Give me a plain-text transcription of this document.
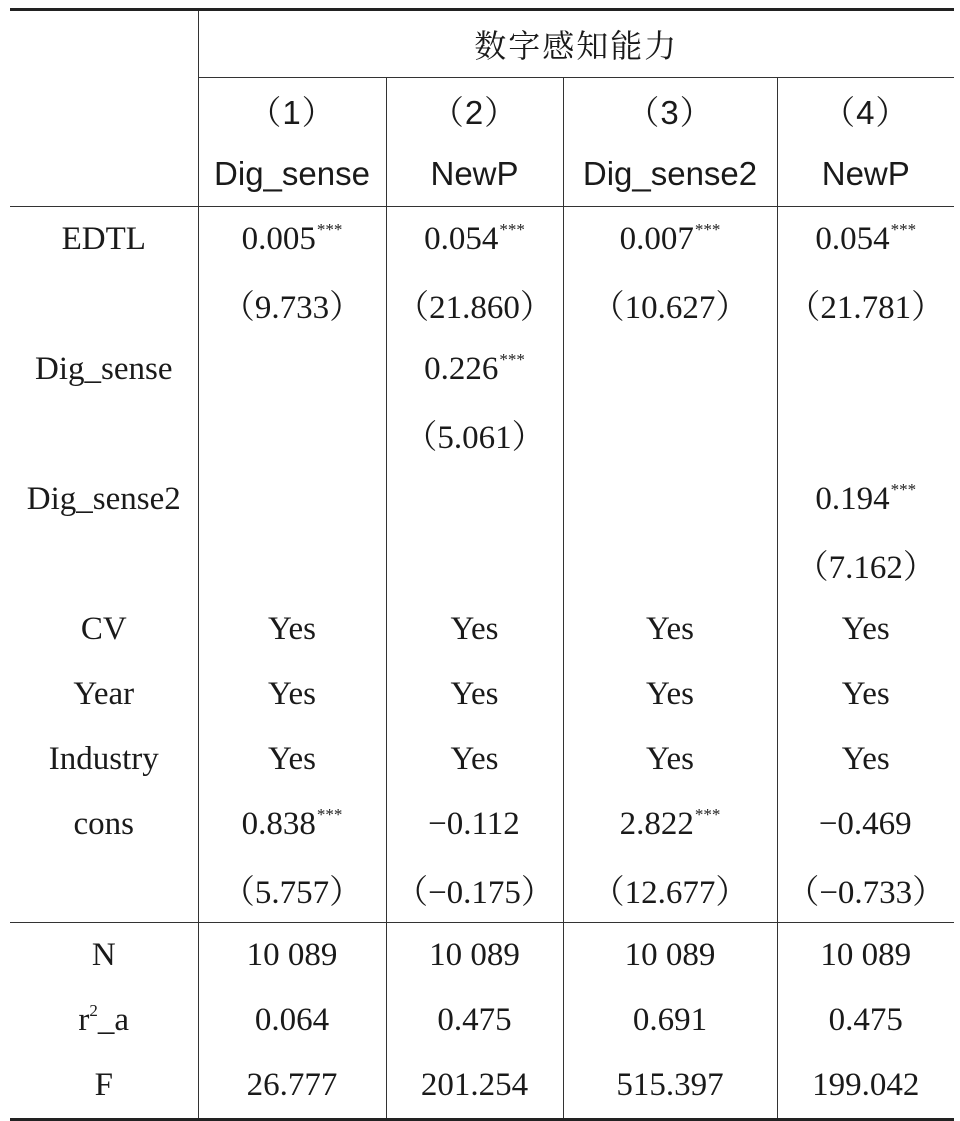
	数字感知能力			
	（1）	（2）	（3）	（4）
	Dig_sense	NewP	Dig_sense2	NewP
EDTL	0.005***	0.054***	0.007***	0.054***
	（9.733）	（21.860）	（10.627）	（21.781）
Dig_sense		0.226***		
		（5.061）		
Dig_sense2				0.194***
				（7.162）
CV	Yes	Yes	Yes	Yes
Year	Yes	Yes	Yes	Yes
Industry	Yes	Yes	Yes	Yes
cons	0.838***	−0.112	2.822***	−0.469
	（5.757）	（−0.175）	（12.677）	（−0.733）
N	10 089	10 089	10 089	10 089
$r^2\_a$	0.064	0.475	0.691	0.475
F	26.777	201.254	515.397	199.042
